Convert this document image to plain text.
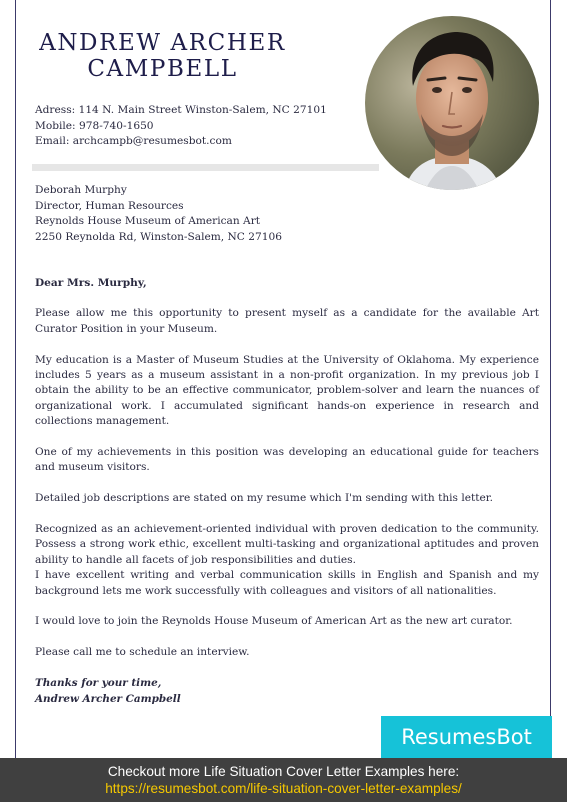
ANDREW ARCHER
CAMPBELL
Adress: 114 N. Main Street Winston-Salem, NC 27101
Mobile: 978-740-1650
Email: archcampb@resumesbot.com
Deborah Murphy
Director, Human Resources
Reynolds House Museum of American Art
2250 Reynolda Rd, Winston-Salem, NC 27106

Dear Mrs. Murphy,

Please allow me this opportunity to present myself as a candidate for the available Art Curator Position in your Museum.

My education is a Master of Museum Studies at the University of Oklahoma. My experience includes 5 years as a museum assistant in a non-profit organization. In my previous job I obtain the ability to be an effective communicator, problem-solver and learn the nuances of organizational work. I accumulated significant hands-on experience in research and collections management.

One of my achievements in this position was developing an educational guide for teachers and museum visitors.

Detailed job descriptions are stated on my resume which I'm sending with this letter.

Recognized as an achievement-oriented individual with proven dedication to the community. Possess a strong work ethic, excellent multi-tasking and organizational aptitudes and proven ability to handle all facets of job responsibilities and duties.

I have excellent writing and verbal communication skills in English and Spanish and my background lets me work successfully with colleagues and visitors of all nationalities.

I would love to join the Reynolds House Museum of American Art as the new art curator.

Please call me to schedule an interview.

Thanks for your time,
Andrew Archer Campbell
ResumesBot
Checkout more Life Situation Cover Letter Examples here:
https://resumesbot.com/life-situation-cover-letter-examples/
